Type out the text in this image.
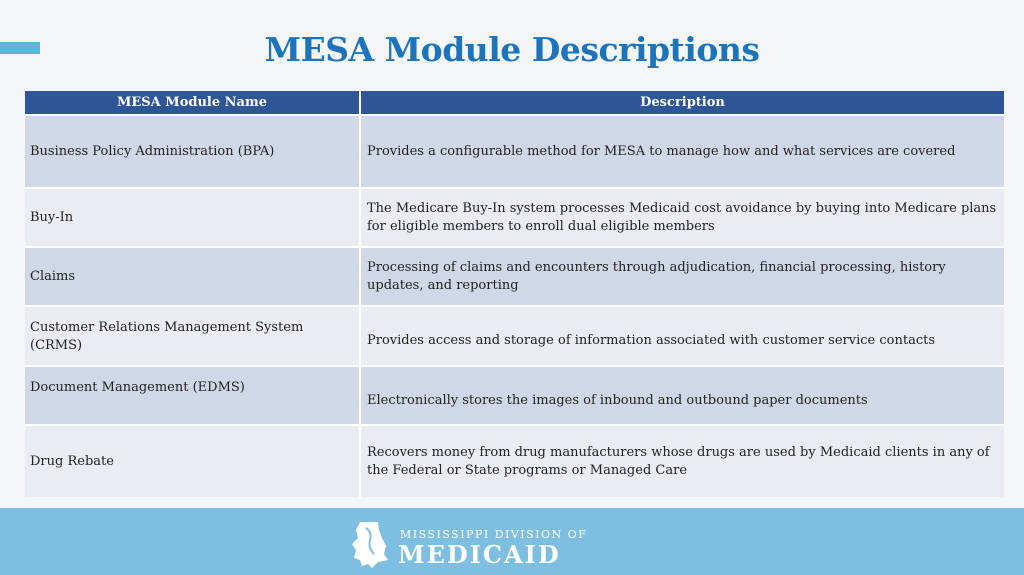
MESA Module Descriptions
MESA Module Name	Description
Business Policy Administration (BPA)	Provides a configurable method for MESA to manage how and what services are covered
Buy-In	The Medicare Buy-In system processes Medicaid cost avoidance by buying into Medicare plans for eligible members to enroll dual eligible members
Claims	Processing of claims and encounters through adjudication, financial processing, history updates, and reporting
Customer Relations Management System (CRMS)	Provides access and storage of information associated with customer service contacts
Document Management (EDMS)	Electronically stores the images of inbound and outbound paper documents
Drug Rebate	Recovers money from drug manufacturers whose drugs are used by Medicaid clients in any of the Federal or State programs or Managed Care
MISSISSIPPI DIVISION OF
MEDICAID
